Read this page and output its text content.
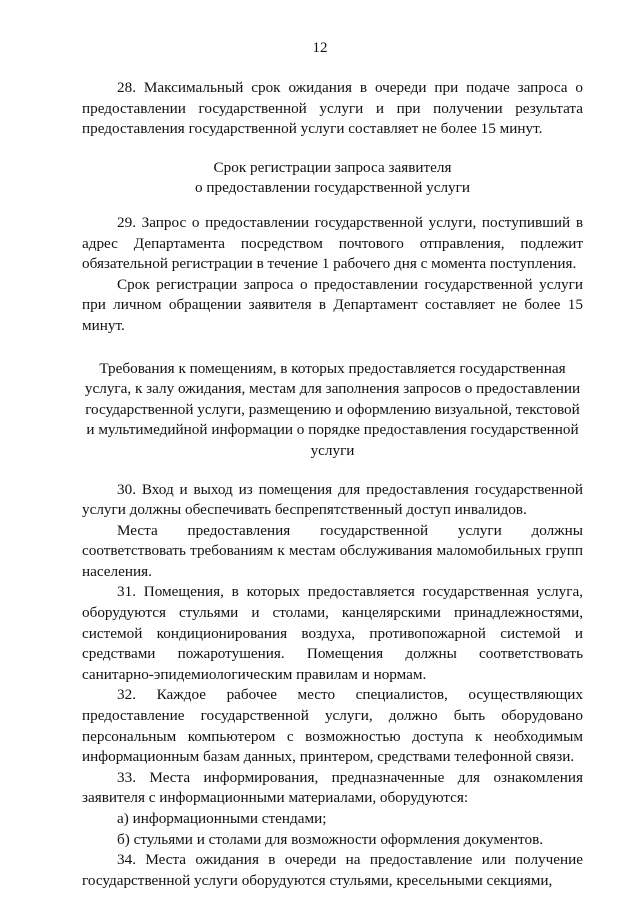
12

28. Максимальный срок ожидания в очереди при подаче запроса о предоставлении государственной услуги и при получении результата предоставления государственной услуги составляет не более 15 минут.

Срок регистрации запроса заявителя

о предоставлении государственной услуги

29. Запрос о предоставлении государственной услуги, поступивший в адрес Департамента посредством почтового отправления, подлежит обязательной регистрации в течение 1 рабочего дня с момента поступления.

Срок регистрации запроса о предоставлении государственной услуги при личном обращении заявителя в Департамент составляет не более 15 минут.

Требования к помещениям, в которых предоставляется государственная услуга, к залу ожидания, местам для заполнения запросов о предоставлении государственной услуги, размещению и оформлению визуальной, текстовой и мультимедийной информации о порядке предоставления государственной услуги

30. Вход и выход из помещения для предоставления государственной услуги должны обеспечивать беспрепятственный доступ инвалидов.

Места предоставления государственной услуги должны соответствовать требованиям к местам обслуживания маломобильных групп населения.

31. Помещения, в которых предоставляется государственная услуга, оборудуются стульями и столами, канцелярскими принадлежностями, системой кондиционирования воздуха, противопожарной системой и средствами пожаротушения. Помещения должны соответствовать санитарно-эпидемиологическим правилам и нормам.

32. Каждое рабочее место специалистов, осуществляющих предоставление государственной услуги, должно быть оборудовано персональным компьютером с возможностью доступа к необходимым информационным базам данных, принтером, средствами телефонной связи.

33. Места информирования, предназначенные для ознакомления заявителя с информационными материалами, оборудуются:

а) информационными стендами;

б) стульями и столами для возможности оформления документов.

34. Места ожидания в очереди на предоставление или получение государственной услуги оборудуются стульями, кресельными секциями,
